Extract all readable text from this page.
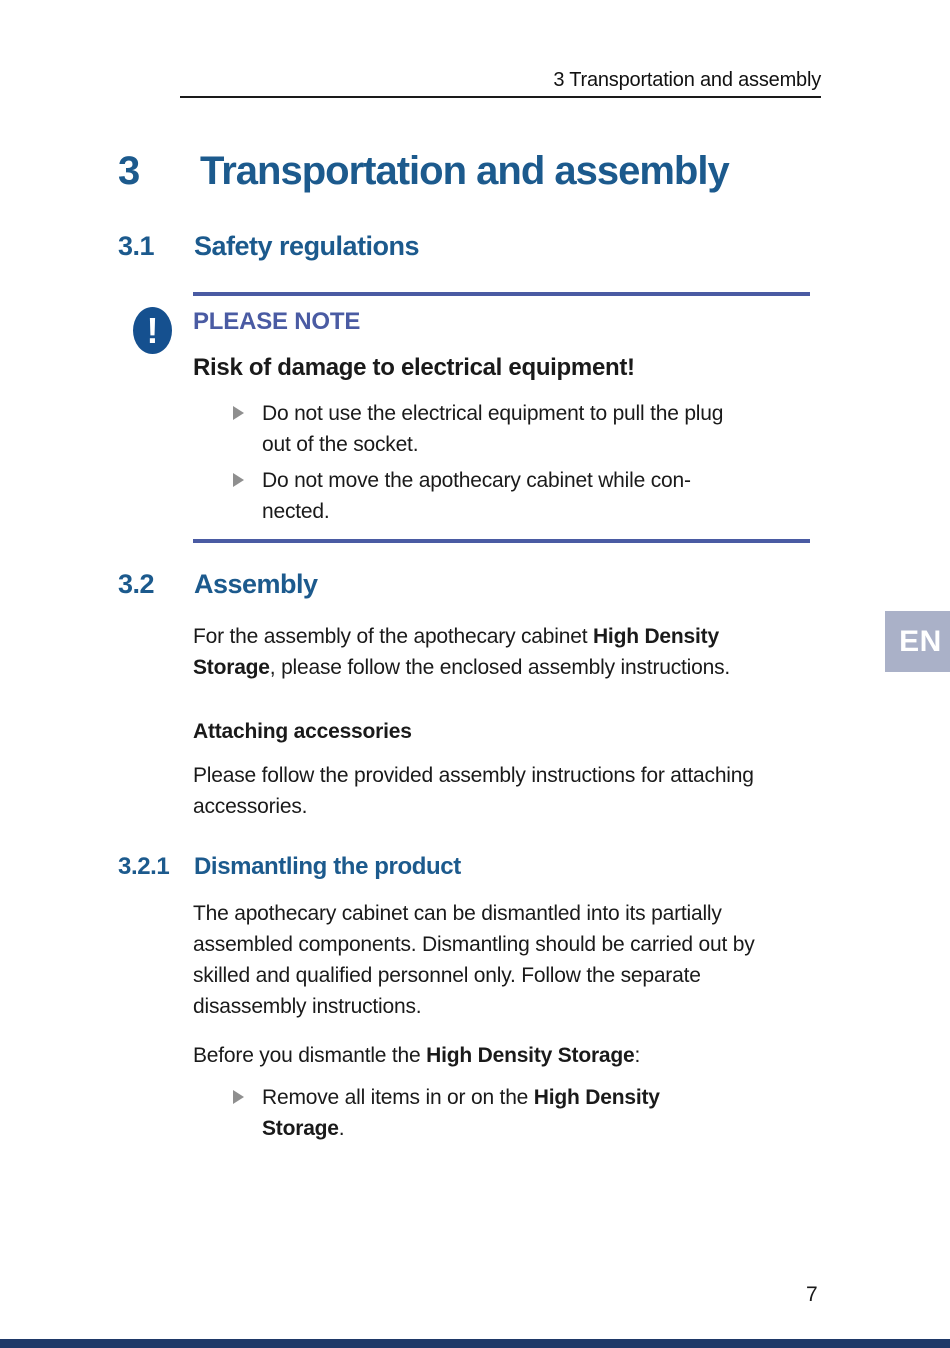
3 Transportation and assembly
3	Transportation and assembly
3.1	Safety regulations
! PLEASE NOTE
Risk of damage to electrical equipment!
Do not use the electrical equipment to pull the plug
out of the socket.
Do not move the apothecary cabinet while con-
nected.
3.2	Assembly
For the assembly of the apothecary cabinet High Density
Storage, please follow the enclosed assembly instructions.
EN
Attaching accessories
Please follow the provided assembly instructions for attaching
accessories.
3.2.1	Dismantling the product
The apothecary cabinet can be dismantled into its partially
assembled components. Dismantling should be carried out by
skilled and qualified personnel only. Follow the separate
disassembly instructions.
Before you dismantle the High Density Storage:
Remove all items in or on the High Density
Storage.
7
